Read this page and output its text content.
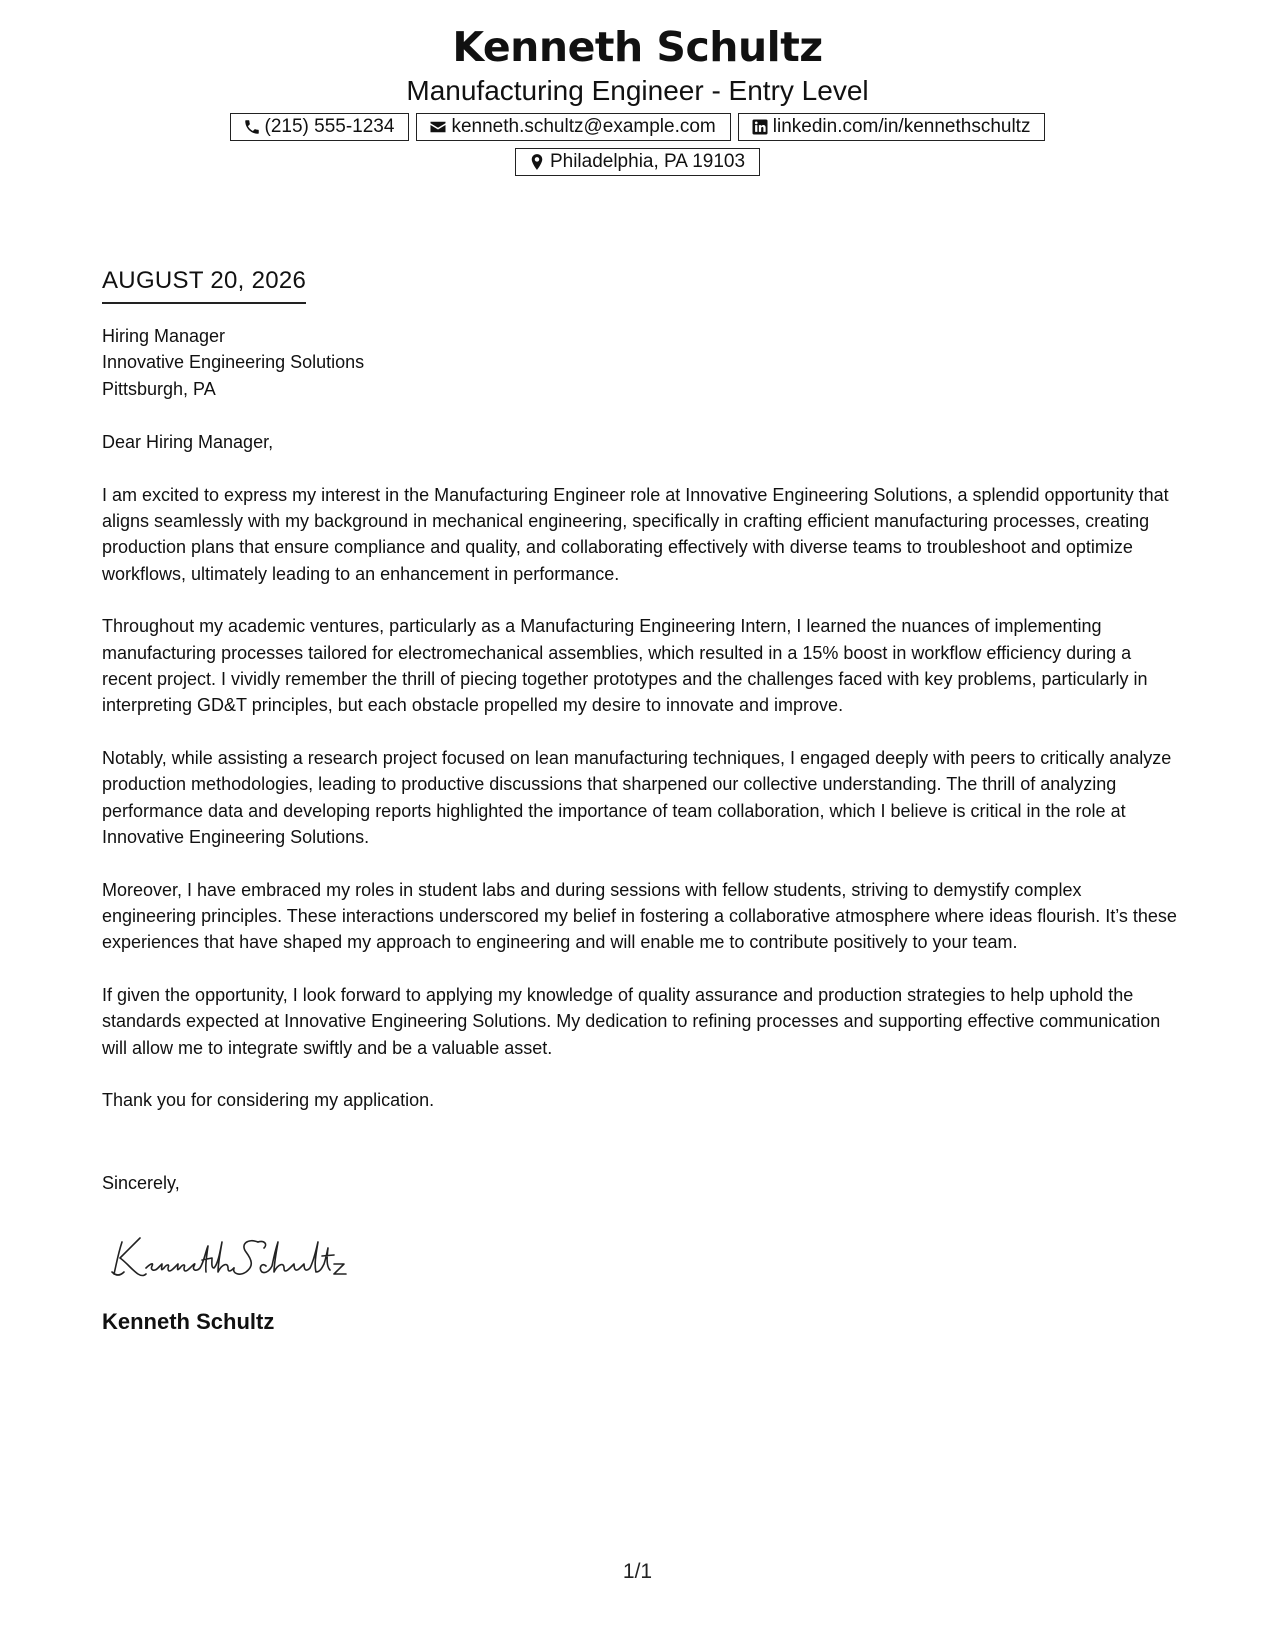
Kenneth Schultz
Manufacturing Engineer - Entry Level
(215) 555-1234	kenneth.schultz@example.com	linkedin.com/in/kennethschultz
Philadelphia, PA 19103
AUGUST 20, 2026
Hiring Manager
Innovative Engineering Solutions
Pittsburgh, PA
Dear Hiring Manager,

I am excited to express my interest in the Manufacturing Engineer role at Innovative Engineering Solutions, a splendid opportunity that aligns seamlessly with my background in mechanical engineering, specifically in crafting efficient manufacturing processes, creating production plans that ensure compliance and quality, and collaborating effectively with diverse teams to troubleshoot and optimize workflows, ultimately leading to an enhancement in performance.

Throughout my academic ventures, particularly as a Manufacturing Engineering Intern, I learned the nuances of implementing manufacturing processes tailored for electromechanical assemblies, which resulted in a 15% boost in workflow efficiency during a recent project. I vividly remember the thrill of piecing together prototypes and the challenges faced with key problems, particularly in interpreting GD&T principles, but each obstacle propelled my desire to innovate and improve.

Notably, while assisting a research project focused on lean manufacturing techniques, I engaged deeply with peers to critically analyze production methodologies, leading to productive discussions that sharpened our collective understanding. The thrill of analyzing performance data and developing reports highlighted the importance of team collaboration, which I believe is critical in the role at Innovative Engineering Solutions.

Moreover, I have embraced my roles in student labs and during sessions with fellow students, striving to demystify complex engineering principles. These interactions underscored my belief in fostering a collaborative atmosphere where ideas flourish. It’s these experiences that have shaped my approach to engineering and will enable me to contribute positively to your team.

If given the opportunity, I look forward to applying my knowledge of quality assurance and production strategies to help uphold the standards expected at Innovative Engineering Solutions. My dedication to refining processes and supporting effective communication will allow me to integrate swiftly and be a valuable asset.

Thank you for considering my application.

Sincerely,
Kenneth Schultz
1/1
